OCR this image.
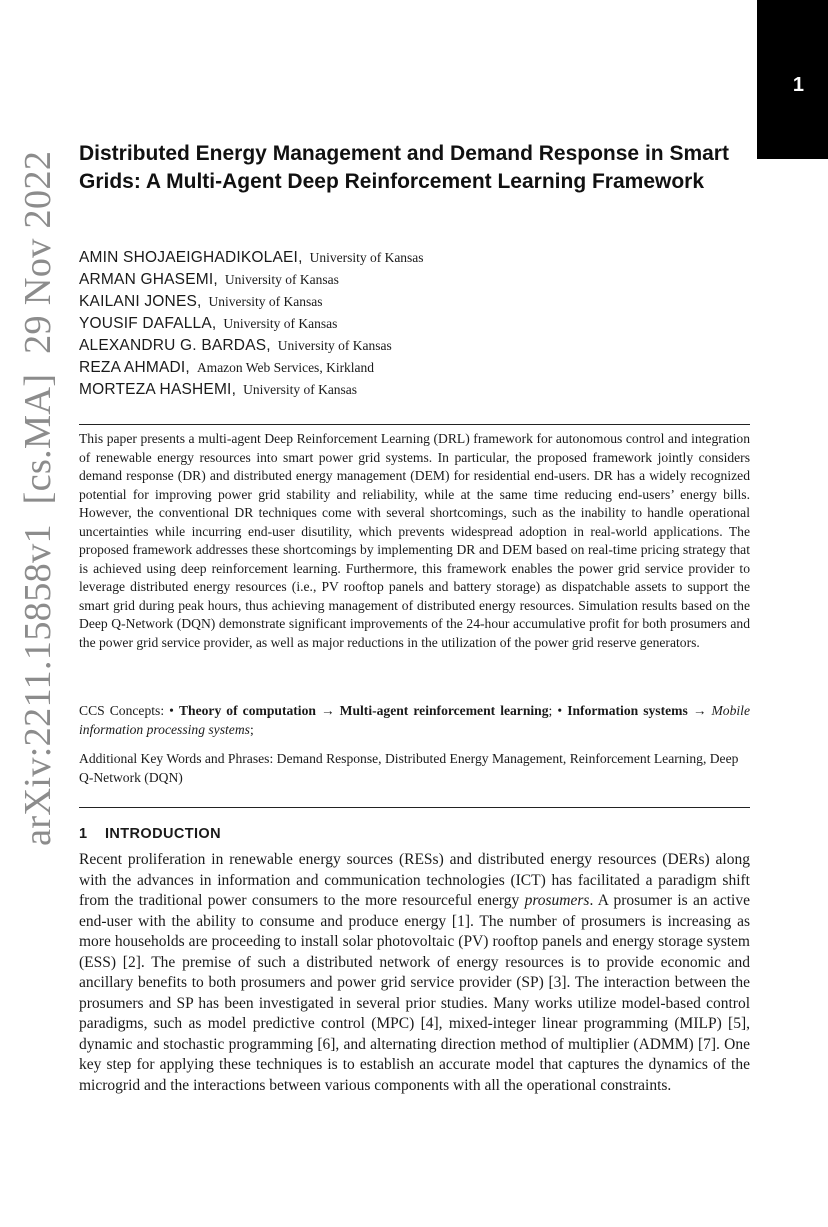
1
arXiv:2211.15858v1  [cs.MA]  29 Nov 2022 Distributed Energy Management and Demand Response in Smart Grids: A Multi-Agent Deep Reinforcement Learning Framework
AMIN SHOJAEIGHADIKOLAEI, University of Kansas
ARMAN GHASEMI, University of Kansas
KAILANI JONES, University of Kansas
YOUSIF DAFALLA, University of Kansas
ALEXANDRU G. BARDAS, University of Kansas
REZA AHMADI, Amazon Web Services, Kirkland
MORTEZA HASHEMI, University of Kansas

This paper presents a multi-agent Deep Reinforcement Learning (DRL) framework for autonomous control and integration of renewable energy resources into smart power grid systems. In particular, the proposed framework jointly considers demand response (DR) and distributed energy management (DEM) for residential end-users. DR has a widely recognized potential for improving power grid stability and reliability, while at the same time reducing end-users’ energy bills. However, the conventional DR techniques come with several shortcomings, such as the inability to handle operational uncertainties while incurring end-user disutility, which prevents widespread adoption in real-world applications. The proposed framework addresses these shortcomings by implementing DR and DEM based on real-time pricing strategy that is achieved using deep reinforcement learning. Furthermore, this framework enables the power grid service provider to leverage distributed energy resources (i.e., PV rooftop panels and battery storage) as dispatchable assets to support the smart grid during peak hours, thus achieving management of distributed energy resources. Simulation results based on the Deep Q-Network (DQN) demonstrate significant improvements of the 24-hour accumulative profit for both prosumers and the power grid service provider, as well as major reductions in the utilization of the power grid reserve generators.

CCS Concepts: • Theory of computation → Multi-agent reinforcement learning; • Information systems → Mobile information processing systems;

Additional Key Words and Phrases: Demand Response, Distributed Energy Management, Reinforcement Learning, Deep Q-Network (DQN)

1 INTRODUCTION

Recent proliferation in renewable energy sources (RESs) and distributed energy resources (DERs) along with the advances in information and communication technologies (ICT) has facilitated a paradigm shift from the traditional power consumers to the more resourceful energy prosumers. A prosumer is an active end-user with the ability to consume and produce energy [1]. The number of prosumers is increasing as more households are proceeding to install solar photovoltaic (PV) rooftop panels and energy storage system (ESS) [2]. The premise of such a distributed network of energy resources is to provide economic and ancillary benefits to both prosumers and power grid service provider (SP) [3]. The interaction between the prosumers and SP has been investigated in several prior studies. Many works utilize model-based control paradigms, such as model predictive control (MPC) [4], mixed-integer linear programming (MILP) [5], dynamic and stochastic programming [6], and alternating direction method of multiplier (ADMM) [7]. One key step for applying these techniques is to establish an accurate model that captures the dynamics of the microgrid and the interactions between various components with all the operational constraints.
